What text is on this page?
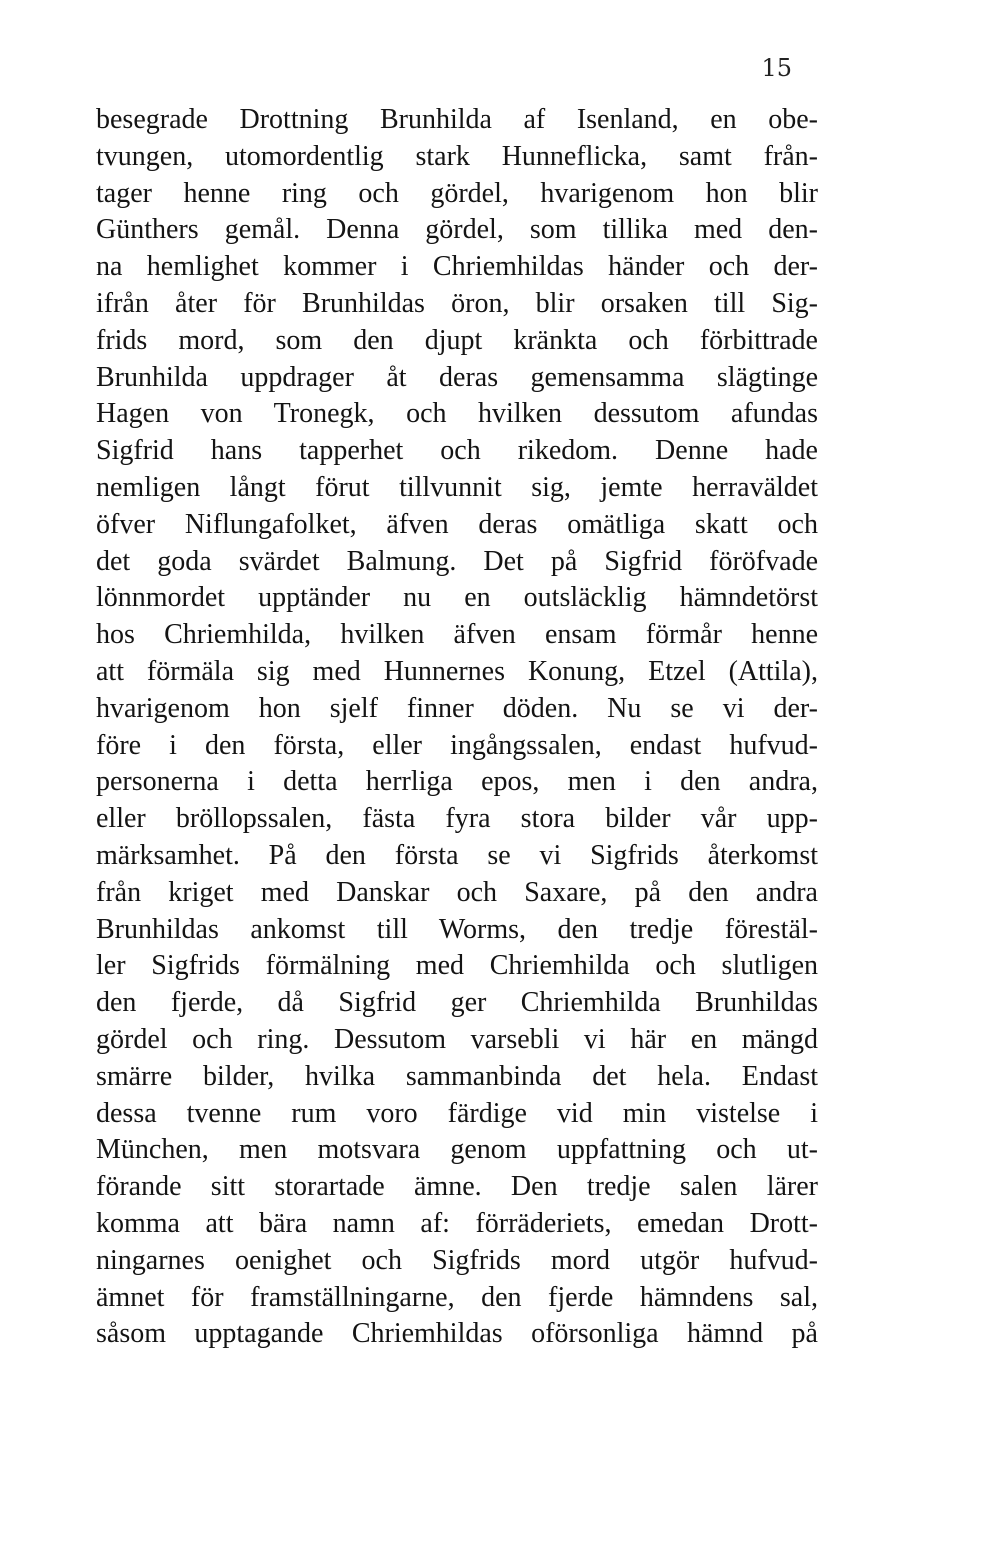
15
besegrade Drottning Brunhilda af Isenland, en obe-
tvungen, utomordentlig stark Hunneflicka, samt från-
tager henne ring och gördel, hvarigenom hon blir
Günthers gemål. Denna gördel, som tillika med den-
na hemlighet kommer i Chriemhildas händer och der-
ifrån åter för Brunhildas öron, blir orsaken till Sig-
frids mord, som den djupt kränkta och förbittrade
Brunhilda uppdrager åt deras gemensamma slägtinge
Hagen von Tronegk, och hvilken dessutom afundas
Sigfrid hans tapperhet och rikedom. Denne hade
nemligen långt förut tillvunnit sig, jemte herraväldet
öfver Niflungafolket, äfven deras omätliga skatt och
det goda svärdet Balmung. Det på Sigfrid föröfvade
lönnmordet upptänder nu en outsläcklig hämndetörst
hos Chriemhilda, hvilken äfven ensam förmår henne
att förmäla sig med Hunnernes Konung, Etzel (Attila),
hvarigenom hon sjelf finner döden. Nu se vi der-
före i den första, eller ingångssalen, endast hufvud-
personerna i detta herrliga epos, men i den andra,
eller bröllopssalen, fästa fyra stora bilder vår upp-
märksamhet. På den första se vi Sigfrids återkomst
från kriget med Danskar och Saxare, på den andra
Brunhildas ankomst till Worms, den tredje förestäl-
ler Sigfrids förmälning med Chriemhilda och slutligen
den fjerde, då Sigfrid ger Chriemhilda Brunhildas
gördel och ring. Dessutom varsebli vi här en mängd
smärre bilder, hvilka sammanbinda det hela. Endast
dessa tvenne rum voro färdige vid min vistelse i
München, men motsvara genom uppfattning och ut-
förande sitt storartade ämne. Den tredje salen lärer
komma att bära namn af: förräderiets, emedan Drott-
ningarnes oenighet och Sigfrids mord utgör hufvud-
ämnet för framställningarne, den fjerde hämndens sal,
såsom upptagande Chriemhildas oförsonliga hämnd på
